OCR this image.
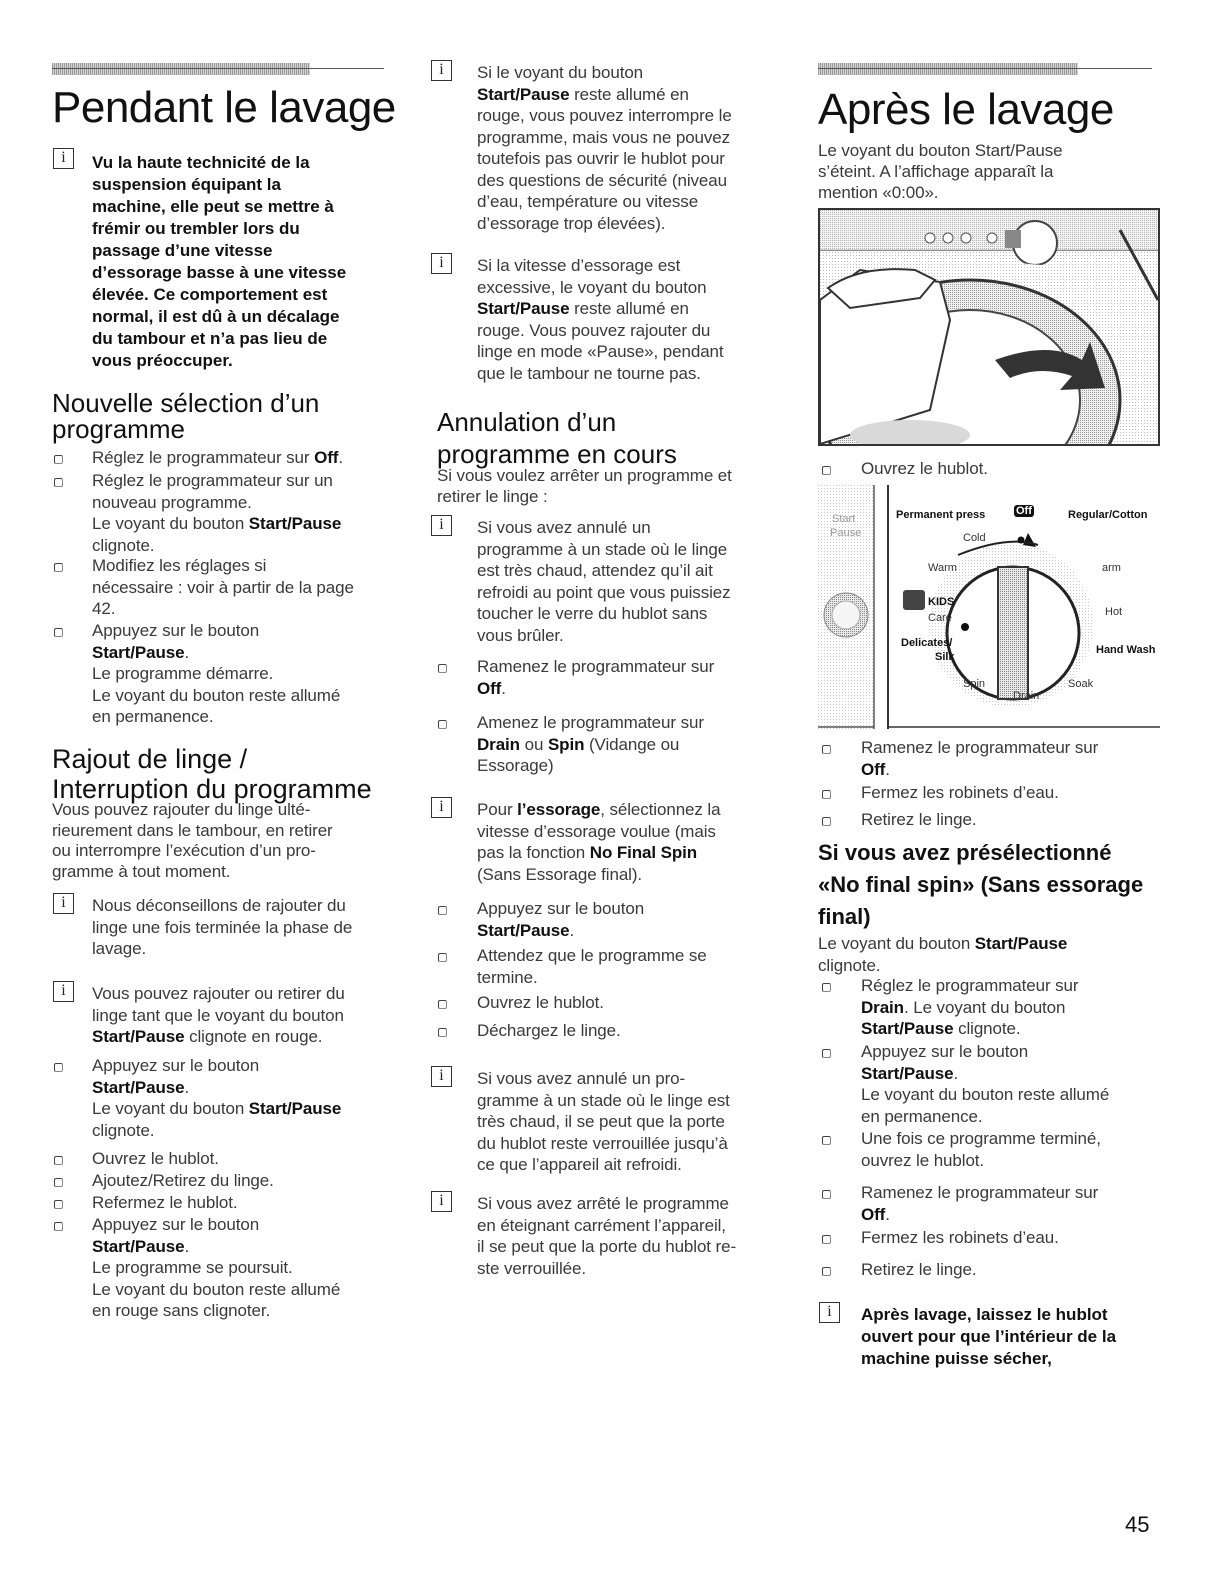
Pendant le lavage
i	Vu la haute technicité de la
suspension équipant la
machine, elle peut se mettre à
frémir ou trembler lors du
passage d’une vitesse
d’essorage basse à une vitesse
élevée. Ce comportement est
normal, il est dû à un décalage
du tambour et n’a pas lieu de
vous préoccuper.

Nouvelle sélection d’un
programme
Réglez le programmateur sur Off.
Réglez le programmateur sur un
nouveau programme.
Le voyant du bouton Start/Pause
clignote.

Modifiez les réglages si
nécessaire : voir à partir de la page
42.

Appuyez sur le bouton
Start/Pause.
Le programme démarre.
Le voyant du bouton reste allumé
en permanence.
Rajout de linge /
Interruption du programme

Vous pouvez rajouter du linge ulté-
rieurement dans le tambour, en retirer
ou interrompre l’exécution d’un pro-
gramme à tout moment.

i	Nous déconseillons de rajouter du
linge une fois terminée la phase de
lavage.

i	Vous pouvez rajouter ou retirer du
linge tant que le voyant du bouton
Start/Pause clignote en rouge.
Appuyez sur le bouton
Start/Pause.
Le voyant du bouton Start/Pause
clignote.

Ouvrez le hublot.

Ajoutez/Retirez du linge.

Refermez le hublot.

Appuyez sur le bouton
Start/Pause.
Le programme se poursuit.
Le voyant du bouton reste allumé
en rouge sans clignoter.
i	Si le voyant du bouton
Start/Pause reste allumé en
rouge, vous pouvez interrompre le
programme, mais vous ne pouvez
toutefois pas ouvrir le hublot pour
des questions de sécurité (niveau
d’eau, température ou vitesse
d’essorage trop élevées).
i	Si la vitesse d’essorage est
excessive, le voyant du bouton
Start/Pause reste allumé en
rouge. Vous pouvez rajouter du
linge en mode «Pause», pendant
que le tambour ne tourne pas.
Annulation d’un
programme en cours

Si vous voulez arrêter un programme et
retirer le linge :

i	Si vous avez annulé un
programme à un stade où le linge
est très chaud, attendez qu’il ait
refroidi au point que vous puissiez
toucher le verre du hublot sans
vous brûler.

Ramenez le programmateur sur
Off.
Amenez le programmateur sur
Drain ou Spin (Vidange ou
Essorage)
i	Pour l’essorage, sélectionnez la
vitesse d’essorage voulue (mais
pas la fonction No Final Spin
(Sans Essorage final).
Appuyez sur le bouton
Start/Pause.

Attendez que le programme se
termine.

Ouvrez le hublot.

Déchargez le linge.

i	Si vous avez annulé un pro-
gramme à un stade où le linge est
très chaud, il se peut que la porte
du hublot reste verrouillée jusqu’à
ce que l’appareil ait refroidi.

i	Si vous avez arrêté le programme
en éteignant carrément l’appareil,
il se peut que la porte du hublot re-
ste verrouillée.

Après le lavage

Le voyant du bouton Start/Pause
s’éteint. A l’affichage apparaît la
mention «0:00».

Ouvrez le hublot.

Start
Pause
Permanent press	Off	Regular/Cotton
Cold
Warm	arm
Hot
KIDS
Care
Delicates/
Silk
Hand Wash
Spin	Soak
Drain
Ramenez le programmateur sur
Off.

Fermez les robinets d’eau.

Retirez le linge.

Si vous avez présélectionné
«No final spin» (Sans essorage
final)
Le voyant du bouton Start/Pause
clignote.
Réglez le programmateur sur
Drain. Le voyant du bouton
Start/Pause clignote.
Appuyez sur le bouton
Start/Pause.
Le voyant du bouton reste allumé
en permanence.

Une fois ce programme terminé,
ouvrez le hublot.

Ramenez le programmateur sur
Off.

Fermez les robinets d’eau.

Retirez le linge.

i	Après lavage, laissez le hublot
ouvert pour que l’intérieur de la
machine puisse sécher,

45
